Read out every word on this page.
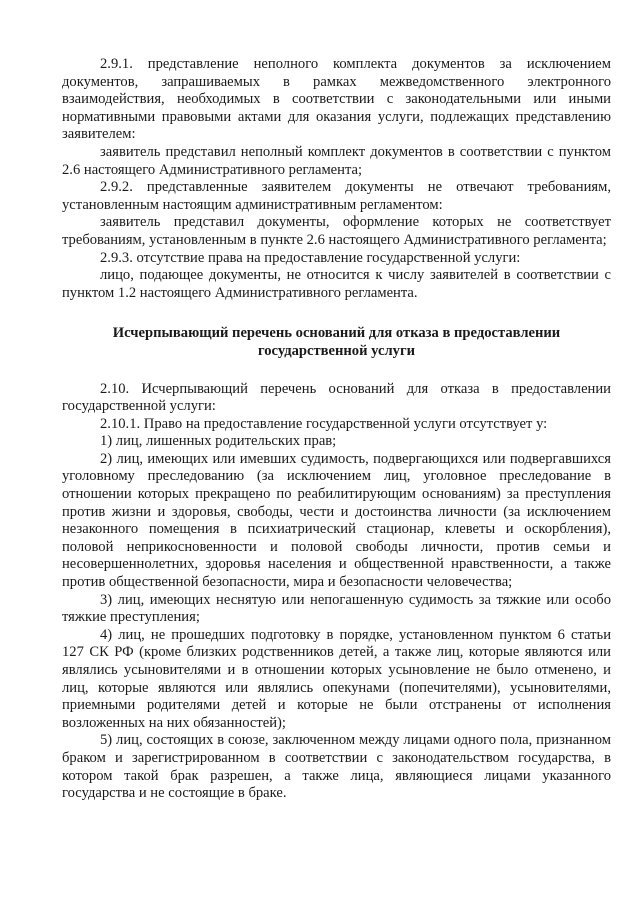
2.9.1. представление неполного комплекта документов за исключением документов, запрашиваемых в рамках межведомственного электронного взаимодействия, необходимых в соответствии с законодательными или иными нормативными правовыми актами для оказания услуги, подлежащих представлению заявителем:

заявитель представил неполный комплект документов в соответствии с пунктом 2.6 настоящего Административного регламента;

2.9.2. представленные заявителем документы не отвечают требованиям, установленным настоящим административным регламентом:

заявитель представил документы, оформление которых не соответствует требованиям, установленным в пункте 2.6 настоящего Административного регламента;

2.9.3. отсутствие права на предоставление государственной услуги:

лицо, подающее документы, не относится к числу заявителей в соответствии с пунктом 1.2 настоящего Административного регламента.

Исчерпывающий перечень оснований для отказа в предоставлении государственной услуги

2.10. Исчерпывающий перечень оснований для отказа в предоставлении государственной услуги:

2.10.1. Право на предоставление государственной услуги отсутствует у:

1) лиц, лишенных родительских прав;

2) лиц, имеющих или имевших судимость, подвергающихся или подвергавшихся уголовному преследованию (за исключением лиц, уголовное преследование в отношении которых прекращено по реабилитирующим основаниям) за преступления против жизни и здоровья, свободы, чести и достоинства личности (за исключением незаконного помещения в психиатрический стационар, клеветы и оскорбления), половой неприкосновенности и половой свободы личности, против семьи и несовершеннолетних, здоровья населения и общественной нравственности, а также против общественной безопасности, мира и безопасности человечества;

3) лиц, имеющих неснятую или непогашенную судимость за тяжкие или особо тяжкие преступления;

4) лиц, не прошедших подготовку в порядке, установленном пунктом 6 статьи 127 СК РФ (кроме близких родственников детей, а также лиц, которые являются или являлись усыновителями и в отношении которых усыновление не было отменено, и лиц, которые являются или являлись опекунами (попечителями), усыновителями, приемными родителями детей и которые не были отстранены от исполнения возложенных на них обязанностей);

5) лиц, состоящих в союзе, заключенном между лицами одного пола, признанном браком и зарегистрированном в соответствии с законодательством государства, в котором такой брак разрешен, а также лица, являющиеся лицами указанного государства и не состоящие в браке.
